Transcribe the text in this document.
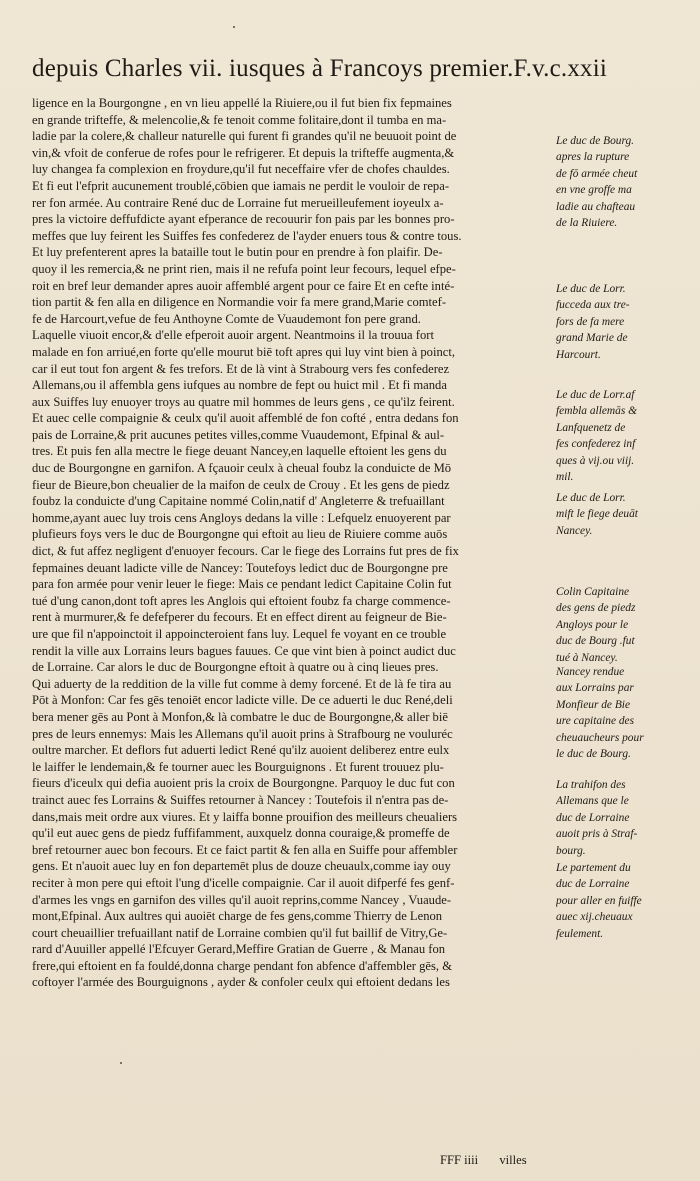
depuis Charles vii. iusques à Francoys premier.F.v.c.xxii
ligence en la Bourgongne , en vn lieu appellé la Riuiere,ou il fut bien fix fepmaines
en grande trifteffe, & melencolie,& fe tenoit comme folitaire,dont il tumba en ma-
ladie par la colere,& challeur naturelle qui furent fi grandes qu'il ne beuuoit point de
vin,& vfoit de conferue de rofes pour le refrigerer. Et depuis la trifteffe augmenta,&
luy changea fa complexion en froydure,qu'il fut neceffaire vfer de chofes chauldes.
Et fi eut l'efprit aucunement troublé,cōbien que iamais ne perdit le vouloir de repa-
rer fon armée. Au contraire René duc de Lorraine fut merueilleufement ioyeulx a-
pres la victoire deffufdicte ayant efperance de recouurir fon pais par les bonnes pro-
meffes que luy feirent les Suiffes fes confederez de l'ayder enuers tous & contre tous.
Et luy prefenterent apres la bataille tout le butin pour en prendre à fon plaifir. De-
quoy il les remercia,& ne print rien, mais il ne refufa point leur fecours, lequel efpe-
roit en bref leur demander apres auoir affemblé argent pour ce faire Et en cefte inté-
tion partit & fen alla en diligence en Normandie voir fa mere grand,Marie comtef-
fe de Harcourt,vefue de feu Anthoyne Comte de Vuaudemont fon pere grand.
Laquelle viuoit encor,& d'elle efperoit auoir argent. Neantmoins il la trouua fort
malade en fon arriué,en forte qu'elle mourut biē toft apres qui luy vint bien à poinct,
car il eut tout fon argent & fes trefors. Et de là vint à Strabourg vers fes confederez
Allemans,ou il affembla gens iufques au nombre de fept ou huict mil . Et fi manda
aux Suiffes luy enuoyer troys au quatre mil hommes de leurs gens , ce qu'ilz feirent.
Et auec celle compaignie & ceulx qu'il auoit affemblé de fon cofté , entra dedans fon
pais de Lorraine,& prit aucunes petites villes,comme Vuaudemont, Efpinal & aul-
tres. Et puis fen alla mectre le fiege deuant Nancey,en laquelle eftoient les gens du
duc de Bourgongne en garnifon. A fçauoir ceulx à cheual foubz la conduicte de Mō
fieur de Bieure,bon cheualier de la maifon de ceulx de Crouy . Et les gens de piedz
foubz la conduicte d'ung Capitaine nommé Colin,natif d' Angleterre & trefuaillant
homme,ayant auec luy trois cens Angloys dedans la ville : Lefquelz enuoyerent par
plufieurs foys vers le duc de Bourgongne qui eftoit au lieu de Riuiere comme auōs
dict, & fut affez negligent d'enuoyer fecours. Car le fiege des Lorrains fut pres de fix
fepmaines deuant ladicte ville de Nancey: Toutefoys ledict duc de Bourgongne pre
para fon armée pour venir leuer le fiege: Mais ce pendant ledict Capitaine Colin fut
tué d'ung canon,dont toft apres les Anglois qui eftoient foubz fa charge commence-
rent à murmurer,& fe defefperer du fecours. Et en effect dirent au feigneur de Bie-
ure que fil n'appoinctoit il appoincteroient fans luy. Lequel fe voyant en ce trouble
rendit la ville aux Lorrains leurs bagues fauues. Ce que vint bien à poinct audict duc
de Lorraine. Car alors le duc de Bourgongne eftoit à quatre ou à cinq lieues pres.
Qui aduerty de la reddition de la ville fut comme à demy forcené. Et de là fe tira au
Pōt à Monfon: Car fes gēs tenoiēt encor ladicte ville. De ce aduerti le duc René,deli
bera mener gēs au Pont à Monfon,& là combatre le duc de Bourgongne,& aller biē
pres de leurs ennemys: Mais les Allemans qu'il auoit prins à Strafbourg ne vouluréc
oultre marcher. Et deflors fut aduerti ledict René qu'ilz auoient deliberez entre eulx
le laiffer le lendemain,& fe tourner auec les Bourguignons . Et furent trouuez plu-
fieurs d'iceulx qui defia auoient pris la croix de Bourgongne. Parquoy le duc fut con
trainct auec fes Lorrains & Suiffes retourner à Nancey : Toutefois il n'entra pas de-
dans,mais meit ordre aux viures. Et y laiffa bonne prouifion des meilleurs cheualiers
qu'il eut auec gens de piedz fuffifamment, auxquelz donna couraige,& promeffe de
bref retourner auec bon fecours. Et ce faict partit & fen alla en Suiffe pour affembler
gens. Et n'auoit auec luy en fon departemēt plus de douze cheuaulx,comme iay ouy
reciter à mon pere qui eftoit l'ung d'icelle compaignie. Car il auoit difperfé fes genf-
d'armes les vngs en garnifon des villes qu'il auoit reprins,comme Nancey , Vuaude-
mont,Efpinal. Aux aultres qui auoiēt charge de fes gens,comme Thierry de Lenon
court cheuaillier trefuaillant natif de Lorraine combien qu'il fut baillif de Vitry,Ge-
rard d'Auuiller appellé l'Efcuyer Gerard,Meffire Gratian de Guerre , & Manau fon
frere,qui eftoient en fa fouldé,donna charge pendant fon abfence d'affembler gēs, &
coftoyer l'armée des Bourguignons , ayder & confoler ceulx qui eftoient dedans les
Le duc de Bourg.
apres la rupture
de fō armée cheut
en vne groffe ma
ladie au chafteau
de la Riuiere.
Le duc de Lorr.
fucceda aux tre-
fors de fa mere
grand Marie de
Harcourt.
Le duc de Lorr.af
fembla allemās &
Lanfquenetz de
fes confederez inf
ques à vij.ou viij.
mil.
Le duc de Lorr.
mift le fiege deuāt
Nancey.
Colin Capitaine
des gens de piedz
Angloys pour le
duc de Bourg .fut
tué à Nancey.
Nancey rendue
aux Lorrains par
Monfieur de Bie
ure capitaine des
cheuaucheurs pour
le duc de Bourg.
La trahifon des
Allemans que le
duc de Lorraine
auoit pris à Straf-
bourg.
Le partement du
duc de Lorraine
pour aller en fuiffe
auec xij.cheuaux
feulement.
FFF iiii villes
